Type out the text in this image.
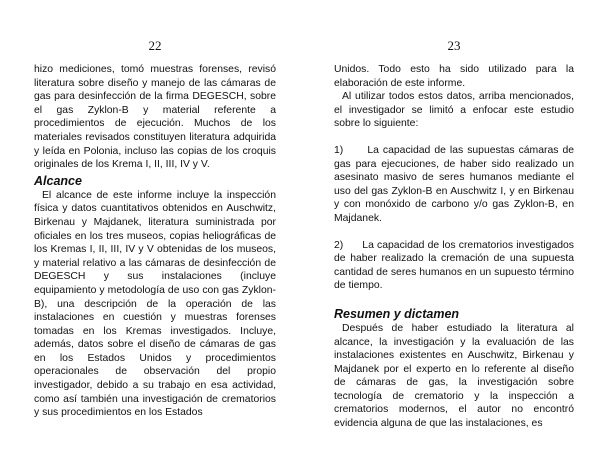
22

hizo mediciones, tomó muestras forenses, revisó literatura sobre diseño y manejo de las cámaras de gas para desinfección de la firma DEGESCH, sobre el gas Zyklon-B y material referente a procedimientos de ejecución. Muchos de los materiales revisados constituyen literatura adquirida y leída en Polonia, incluso las copias de los croquis originales de los Krema I, II, III, IV y V.

Alcance

El alcance de este informe incluye la inspección física y datos cuantitativos obtenidos en Auschwitz, Birkenau y Majdanek, literatura suministrada por oficiales en los tres museos, copias heliográficas de los Kremas I, II, III, IV y V obtenidas de los museos, y material relativo a las cámaras de desinfección de DEGESCH y sus instalaciones (incluye equipamiento y metodología de uso con gas Zyklon-B), una descripción de la operación de las instalaciones en cuestión y muestras forenses tomadas en los Kremas investigados. Incluye, además, datos sobre el diseño de cámaras de gas en los Estados Unidos y procedimientos operacionales de observación del propio investigador, debido a su trabajo en esa actividad, como así también una investigación de crematorios y sus procedimientos en los Estados

23

Unidos. Todo esto ha sido utilizado para la elaboración de este informe.

Al utilizar todos estos datos, arriba mencionados, el investigador se limitó a enfocar este estudio sobre lo siguiente:

1)      La capacidad de las supuestas cámaras de gas para ejecuciones, de haber sido realizado un asesinato masivo de seres humanos mediante el uso del gas Zyklon-B en Auschwitz I, y en Birkenau y con monóxido de carbono y/o gas Zyklon-B, en Majdanek.

2)      La capacidad de los crematorios investigados de haber realizado la cremación de una supuesta cantidad de seres humanos en un supuesto término de tiempo.

Resumen y dictamen

Después de haber estudiado la literatura al alcance, la investigación y la evaluación de las instalaciones existentes en Auschwitz, Birkenau y Majdanek por el experto en lo referente al diseño de cámaras de gas, la investigación sobre tecnología de crematorio y la inspección a crematorios modernos, el autor no encontró evidencia alguna de que las instalaciones, es
